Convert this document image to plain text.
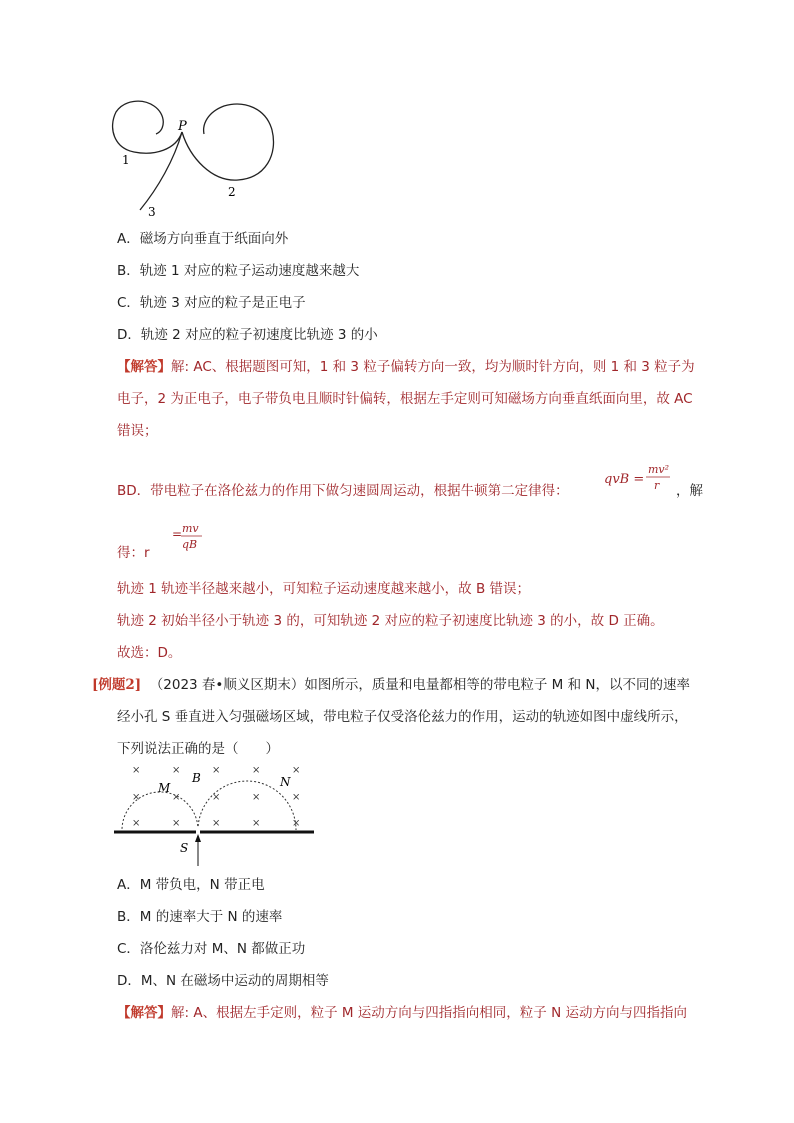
P
1
2
3
A．磁场方向垂直于纸面向外
B．轨迹 1 对应的粒子运动速度越来越大
C．轨迹 3 对应的粒子是正电子
D．轨迹 2 对应的粒子初速度比轨迹 3 的小
【解答】解: AC、根据题图可知，1 和 3 粒子偏转方向一致，均为顺时针方向，则 1 和 3 粒子为
电子，2 为正电子，电子带负电且顺时针偏转，根据左手定则可知磁场方向垂直纸面向里，故 AC
错误；
BD．带电粒子在洛伦兹力的作用下做匀速圆周运动，根据牛顿第二定律得：
qvB =
mv²
r ，解
= mv
qB
得：r
轨迹 1 轨迹半径越来越小，可知粒子运动速度越来越小，故 B 错误；
轨迹 2 初始半径小于轨迹 3 的，可知轨迹 2 对应的粒子初速度比轨迹 3 的小，故 D 正确。
故选：D。
[例题2] （2023 春•顺义区期末）如图所示，质量和电量都相等的带电粒子 M 和 N，以不同的速率
经小孔 S 垂直进入匀强磁场区域，带电粒子仅受洛伦兹力的作用，运动的轨迹如图中虚线所示，
下列说法正确的是（　　）
×	×	×	×	×
×	×	×	×	×
×	×	×	×	×
M	N
B
S
A．M 带负电，N 带正电
B．M 的速率大于 N 的速率
C．洛伦兹力对 M、N 都做正功
D．M、N 在磁场中运动的周期相等
【解答】解: A、根据左手定则，粒子 M 运动方向与四指指向相同，粒子 N 运动方向与四指指向
